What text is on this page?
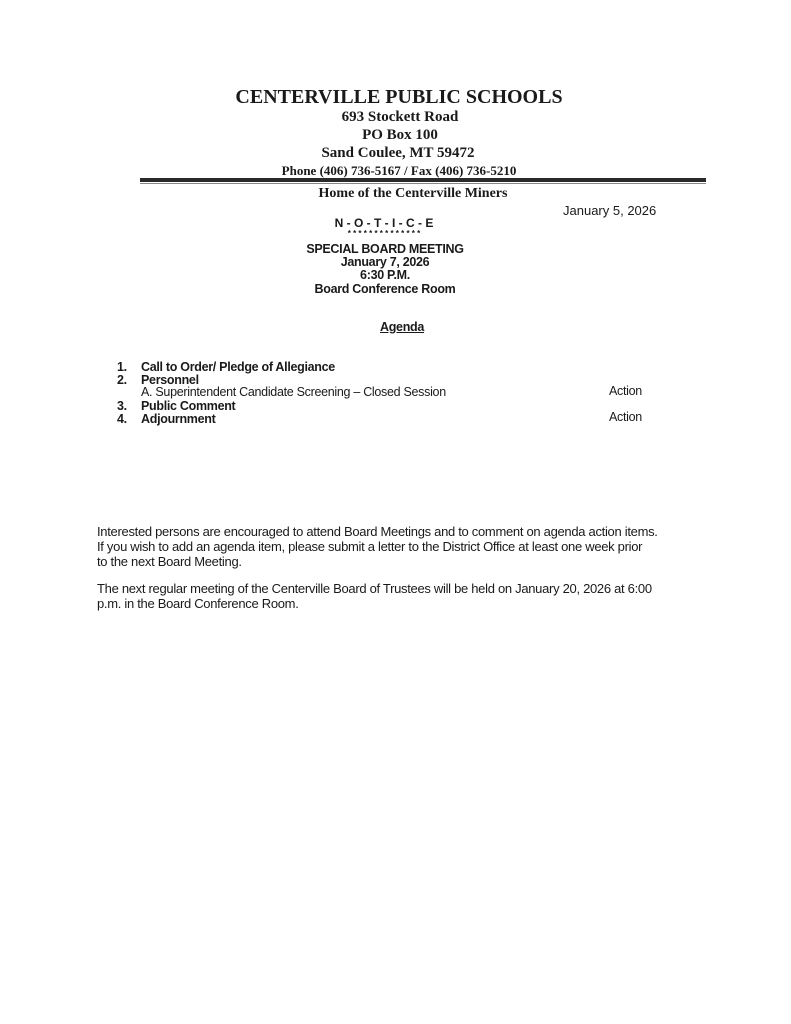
CENTERVILLE PUBLIC SCHOOLS
693 Stockett Road
PO Box 100
Sand Coulee, MT 59472
Phone (406) 736-5167 / Fax (406) 736-5210
Home of the Centerville Miners
January 5, 2026
N - O - T - I - C - E
* * * * * * * * * * * * * *
SPECIAL BOARD MEETING
January 7, 2026
6:30 P.M.
Board Conference Room
Agenda
1. Call to Order/ Pledge of Allegiance
2. Personnel
A. Superintendent Candidate Screening – Closed Session	Action
3. Public Comment
4. Adjournment	Action
Interested persons are encouraged to attend Board Meetings and to comment on agenda action items.
If you wish to add an agenda item, please submit a letter to the District Office at least one week prior
to the next Board Meeting.
The next regular meeting of the Centerville Board of Trustees will be held on January 20, 2026 at 6:00
p.m. in the Board Conference Room.
